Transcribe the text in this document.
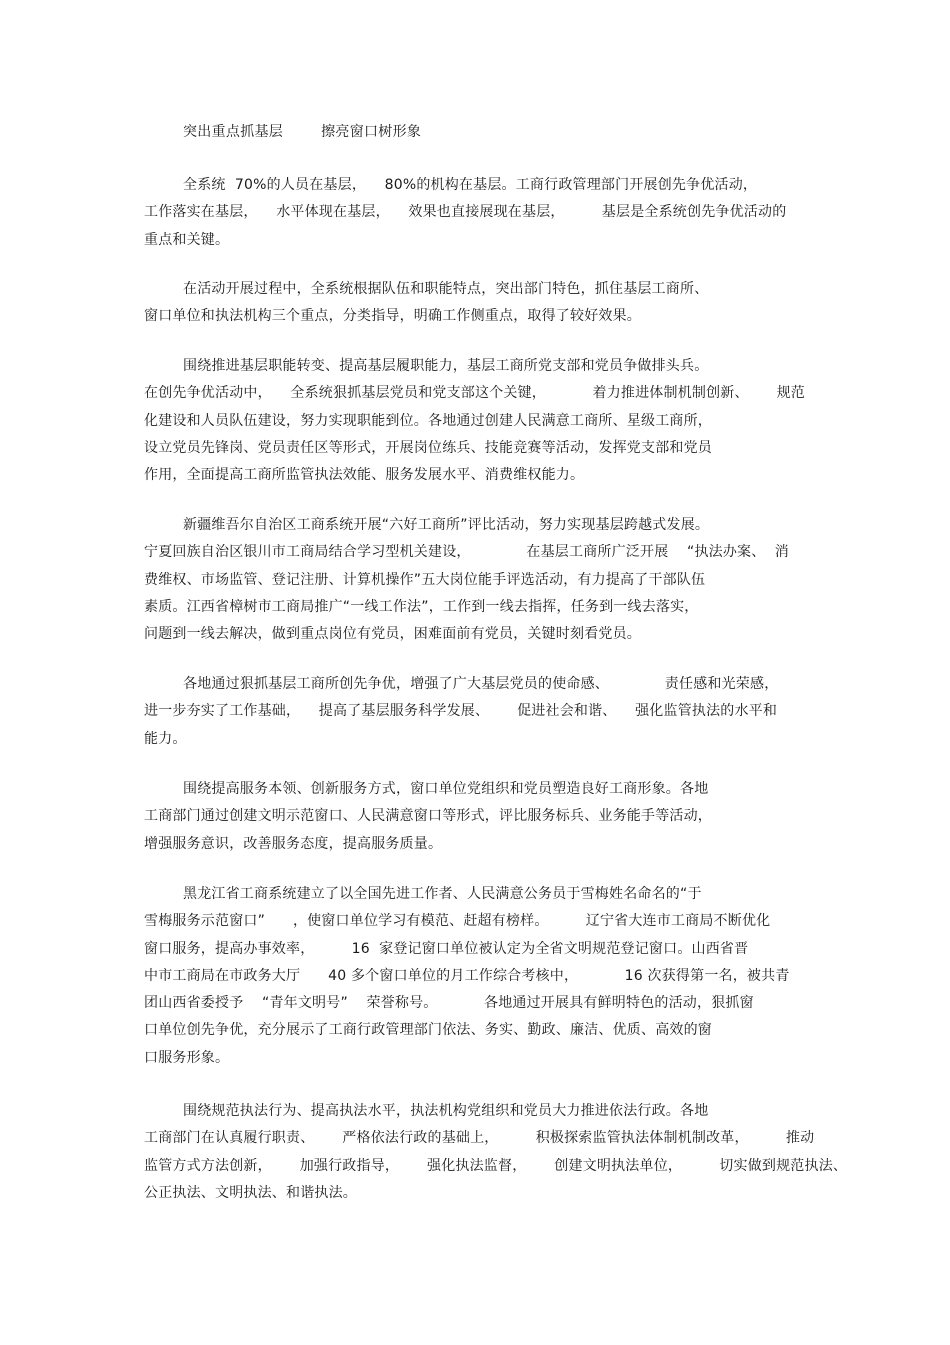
突出重点抓基层        擦亮窗口树形象
全系统  70%的人员在基层，    80%的机构在基层。工商行政管理部门开展创先争优活动，
工作落实在基层，    水平体现在基层，    效果也直接展现在基层，        基层是全系统创先争优活动的
重点和关键。
在活动开展过程中，全系统根据队伍和职能特点，突出部门特色，抓住基层工商所、
窗口单位和执法机构三个重点，分类指导，明确工作侧重点，取得了较好效果。
围绕推进基层职能转变、提高基层履职能力，基层工商所党支部和党员争做排头兵。
在创先争优活动中，    全系统狠抓基层党员和党支部这个关键，          着力推进体制机制创新、      规范
化建设和人员队伍建设，努力实现职能到位。各地通过创建人民满意工商所、星级工商所，
设立党员先锋岗、党员责任区等形式，开展岗位练兵、技能竞赛等活动，发挥党支部和党员
作用，全面提高工商所监管执法效能、服务发展水平、消费维权能力。
新疆维吾尔自治区工商系统开展“六好工商所”评比活动，努力实现基层跨越式发展。
宁夏回族自治区银川市工商局结合学习型机关建设，            在基层工商所广泛开展    “执法办案、  消
费维权、市场监管、登记注册、计算机操作”五大岗位能手评选活动，有力提高了干部队伍
素质。江西省樟树市工商局推广“一线工作法”，工作到一线去指挥，任务到一线去落实，
问题到一线去解决，做到重点岗位有党员，困难面前有党员，关键时刻看党员。
各地通过狠抓基层工商所创先争优，增强了广大基层党员的使命感、            责任感和光荣感，
进一步夯实了工作基础，    提高了基层服务科学发展、      促进社会和谐、    强化监管执法的水平和
能力。
围绕提高服务本领、创新服务方式，窗口单位党组织和党员塑造良好工商形象。各地
工商部门通过创建文明示范窗口、人民满意窗口等形式，评比服务标兵、业务能手等活动，
增强服务意识，改善服务态度，提高服务质量。
黑龙江省工商系统建立了以全国先进工作者、人民满意公务员于雪梅姓名命名的“于
雪梅服务示范窗口”      ，使窗口单位学习有模范、赶超有榜样。        辽宁省大连市工商局不断优化
窗口服务，提高办事效率，        16  家登记窗口单位被认定为全省文明规范登记窗口。山西省晋
中市工商局在市政务大厅      40 多个窗口单位的月工作综合考核中，          16 次获得第一名，被共青
团山西省委授予    “青年文明号”    荣誉称号。          各地通过开展具有鲜明特色的活动，狠抓窗
口单位创先争优，充分展示了工商行政管理部门依法、务实、勤政、廉洁、优质、高效的窗
口服务形象。
围绕规范执法行为、提高执法水平，执法机构党组织和党员大力推进依法行政。各地
工商部门在认真履行职责、      严格依法行政的基础上，        积极探索监管执法体制机制改革，        推动
监管方式方法创新，      加强行政指导，      强化执法监督，      创建文明执法单位，        切实做到规范执法、
公正执法、文明执法、和谐执法。
